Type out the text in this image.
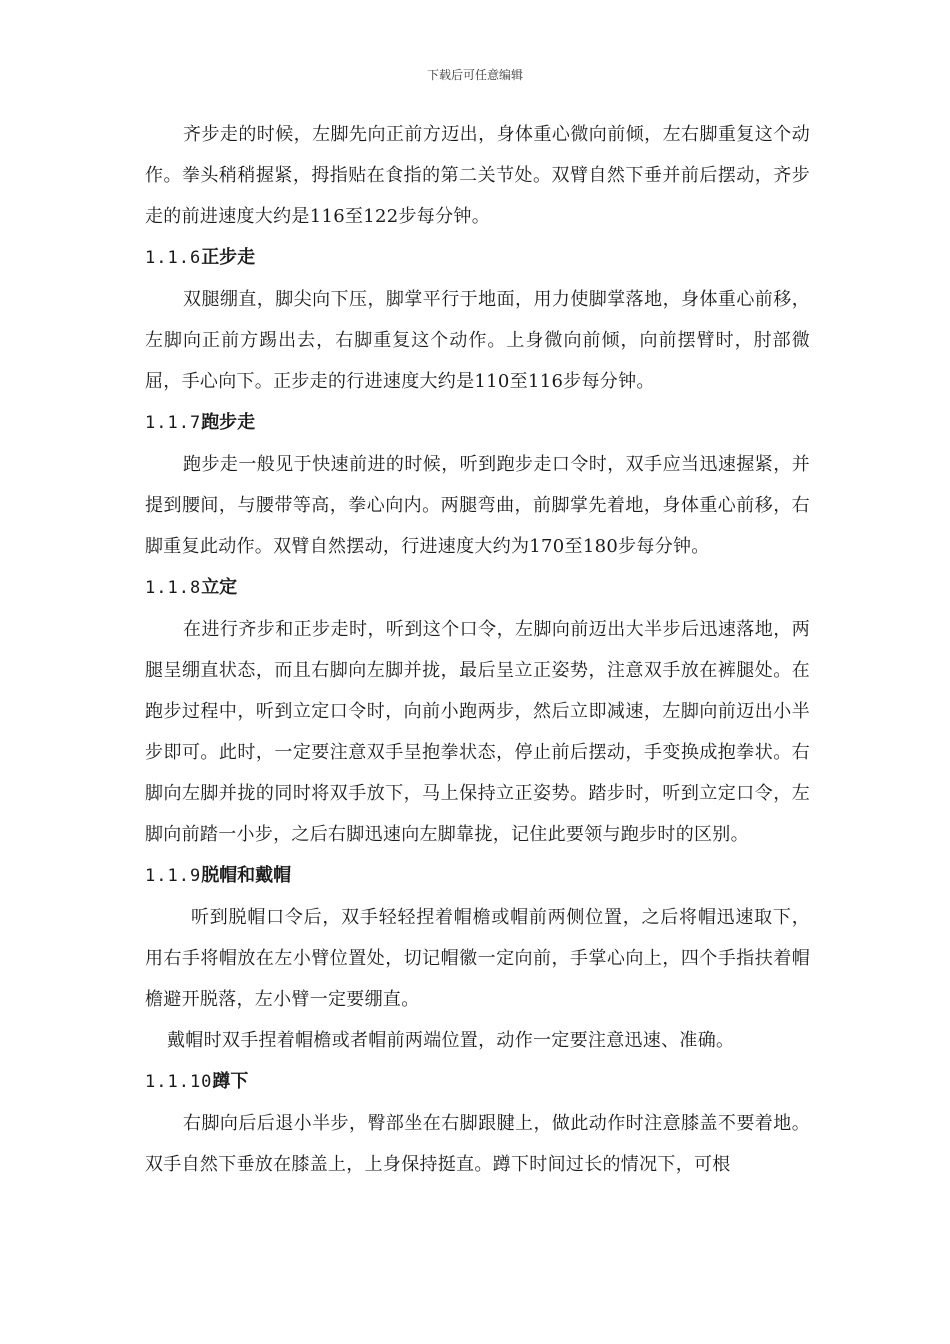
下载后可任意编辑

齐步走的时候，左脚先向正前方迈出，身体重心微向前倾，左右脚重复这个动作。拳头稍稍握紧，拇指贴在食指的第二关节处。双臂自然下垂并前后摆动，齐步走的前进速度大约是116至122步每分钟。

1.1.6正步走

双腿绷直，脚尖向下压，脚掌平行于地面，用力使脚掌落地，身体重心前移，左脚向正前方踢出去，右脚重复这个动作。上身微向前倾，向前摆臂时，肘部微屈，手心向下。正步走的行进速度大约是110至116步每分钟。

1.1.7跑步走

跑步走一般见于快速前进的时候，听到跑步走口令时，双手应当迅速握紧，并提到腰间，与腰带等高，拳心向内。两腿弯曲，前脚掌先着地，身体重心前移，右脚重复此动作。双臂自然摆动，行进速度大约为170至180步每分钟。

1.1.8立定

在进行齐步和正步走时，听到这个口令，左脚向前迈出大半步后迅速落地，两腿呈绷直状态，而且右脚向左脚并拢，最后呈立正姿势，注意双手放在裤腿处。在跑步过程中，听到立定口令时，向前小跑两步，然后立即减速，左脚向前迈出小半步即可。此时，一定要注意双手呈抱拳状态，停止前后摆动，手变换成抱拳状。右脚向左脚并拢的同时将双手放下，马上保持立正姿势。踏步时，听到立定口令，左脚向前踏一小步，之后右脚迅速向左脚靠拢，记住此要领与跑步时的区别。

1.1.9脱帽和戴帽

听到脱帽口令后，双手轻轻捏着帽檐或帽前两侧位置，之后将帽迅速取下，用右手将帽放在左小臂位置处，切记帽徽一定向前，手掌心向上，四个手指扶着帽檐避开脱落，左小臂一定要绷直。

戴帽时双手捏着帽檐或者帽前两端位置，动作一定要注意迅速、准确。

1.1.10蹲下

右脚向后后退小半步，臀部坐在右脚跟腱上，做此动作时注意膝盖不要着地。双手自然下垂放在膝盖上，上身保持挺直。蹲下时间过长的情况下，可根
